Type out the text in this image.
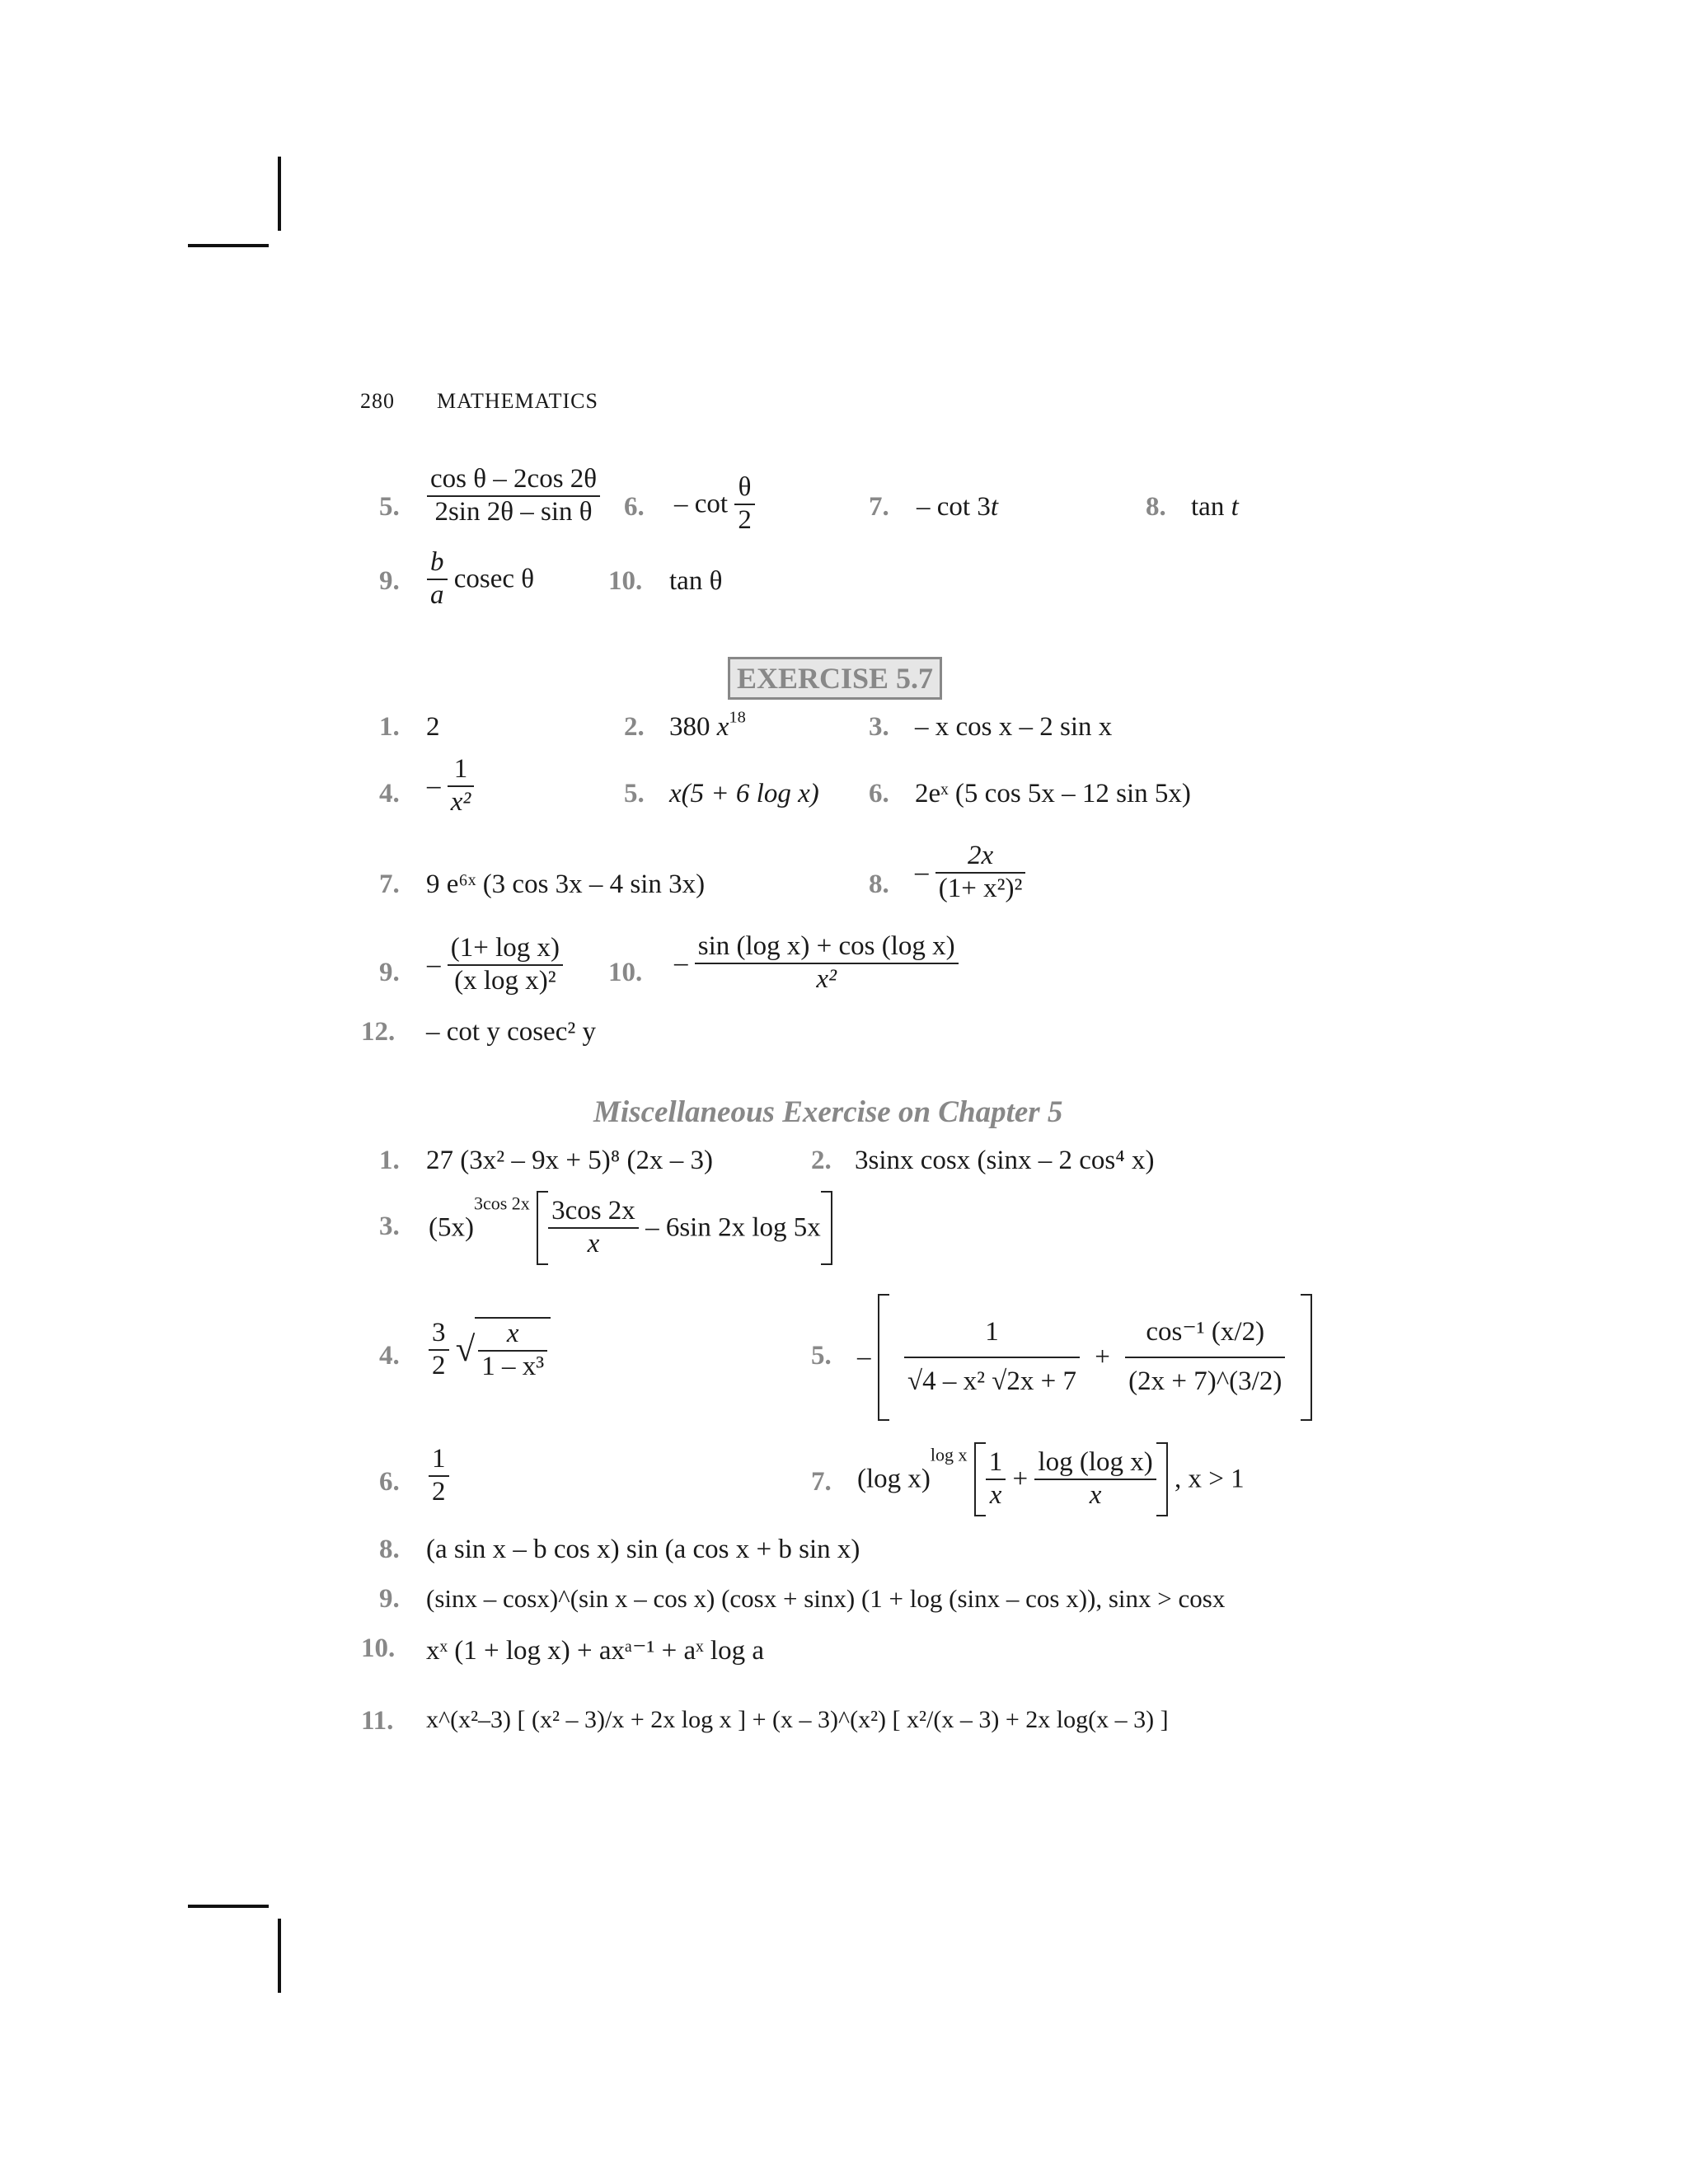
280 MATHEMATICS
5. $\frac{\text{cos θ – 2cos 2θ}}{\text{2sin 2θ – sin θ}} 6$. – $\cot \frac{\theta}{2}$	7. – cot 3t	8. tan t
9. $\frac{b}{a}$ cosec θ	10. tan θ
EXERCISE 5.7
1. 2	2. 380 $x^{18}$	3. – x cos x – 2 sin x
4. – $\frac{1}{\text{x²}}$	5. x(5 + 6 log x) 6. 2eˣ (5 cos 5x – 12 sin 5x)
7. 9 e⁶ˣ (3 cos 3x – 4 sin 3x)	8. – $\frac{2x}{\text{(1+ x²)²}}$
9. – $\frac{\text{(1+ log x)}}{\text{(x log x)²}} 10$. – $\frac{\text{sin (log x) + cos (log x)}}{\text{x²}}$
12. – cot y cosec² y
Miscellaneous Exercise on Chapter 5
1. 27 (3x² – 9x + 5)⁸ (2x – 3)	2. 3sinx cosx (sinx – 2 cos⁴ x)
3. $(5x)^{3cos 2x} \frac{3\cos 2x}{x} - 6\sin$ 2x log 5x
4. $\frac{3}{2}$ √ $\frac{x}{\text{1 – x³}}$	5. – $\frac{1}{\text{√4 – x² √2x + 7}} + \frac{\text{cos⁻¹ (x/2)}}{(2x + 7)\^{}(3/2)}$

6. $\frac{1}{2}$	7. (log $x)^{log x} \frac{1}{x} + \frac{\text{log (log x)}}{x}$ , x > 1
8. (a sin x – b cos x) sin (a cos x + b sin x)
9. (sinx – cosx)^(sin x – cos x) (cosx + sinx) (1 + log (sinx – cos x)), sinx > cosx
10. xˣ (1 + log x) + axᵃ⁻¹ + aˣ log a
11. x^(x²–3) [ (x² – 3)/x + 2x log x ] + (x – 3)^(x²) [ x²/(x – 3) + 2x log(x – 3) ]
